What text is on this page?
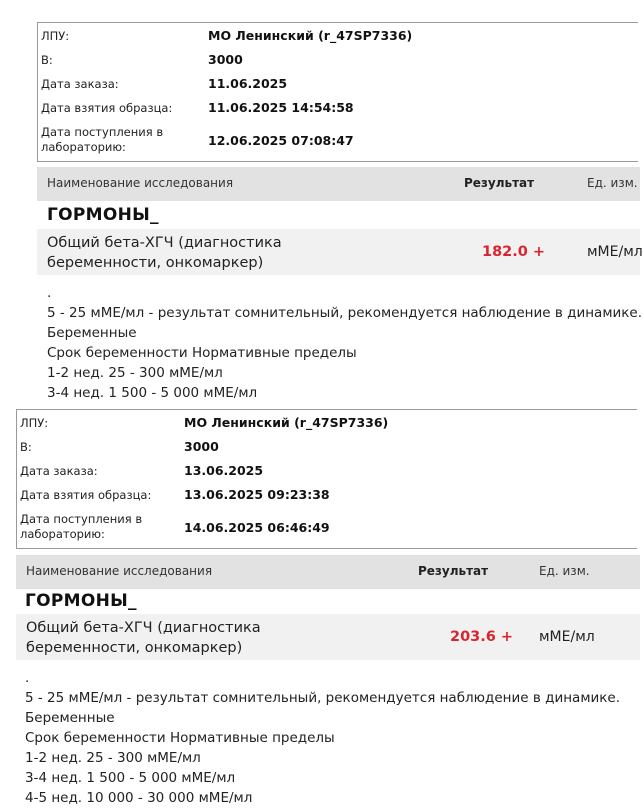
ЛПУ:	МО Ленинский (r_47SP7336)
В:	3000
Дата заказа:	11.06.2025
Дата взятия образца:	11.06.2025 14:54:58
Дата поступления в лабораторию:	12.06.2025 07:08:47
Наименование исследования	Результат	Ед. изм.
ГОРМОНЫ_
Общий бета-ХГЧ (диагностика беременности, онкомаркер)
182.0 +	мМЕ/мл
.
5 - 25 мМЕ/мл - результат сомнительный, рекомендуется наблюдение в динамике.
Беременные
Срок беременности Нормативные пределы
1-2 нед. 25 - 300 мМЕ/мл
3-4 нед. 1 500 - 5 000 мМЕ/мл
ЛПУ:	МО Ленинский (r_47SP7336)
В:	3000
Дата заказа:	13.06.2025
Дата взятия образца:	13.06.2025 09:23:38
Дата поступления в лабораторию:	14.06.2025 06:46:49
Наименование исследования	Результат	Ед. изм.
ГОРМОНЫ_
Общий бета-ХГЧ (диагностика беременности, онкомаркер)
203.6 + мМЕ/мл
.
5 - 25 мМЕ/мл - результат сомнительный, рекомендуется наблюдение в динамике.
Беременные
Срок беременности Нормативные пределы
1-2 нед. 25 - 300 мМЕ/мл
3-4 нед. 1 500 - 5 000 мМЕ/мл
4-5 нед. 10 000 - 30 000 мМЕ/мл
